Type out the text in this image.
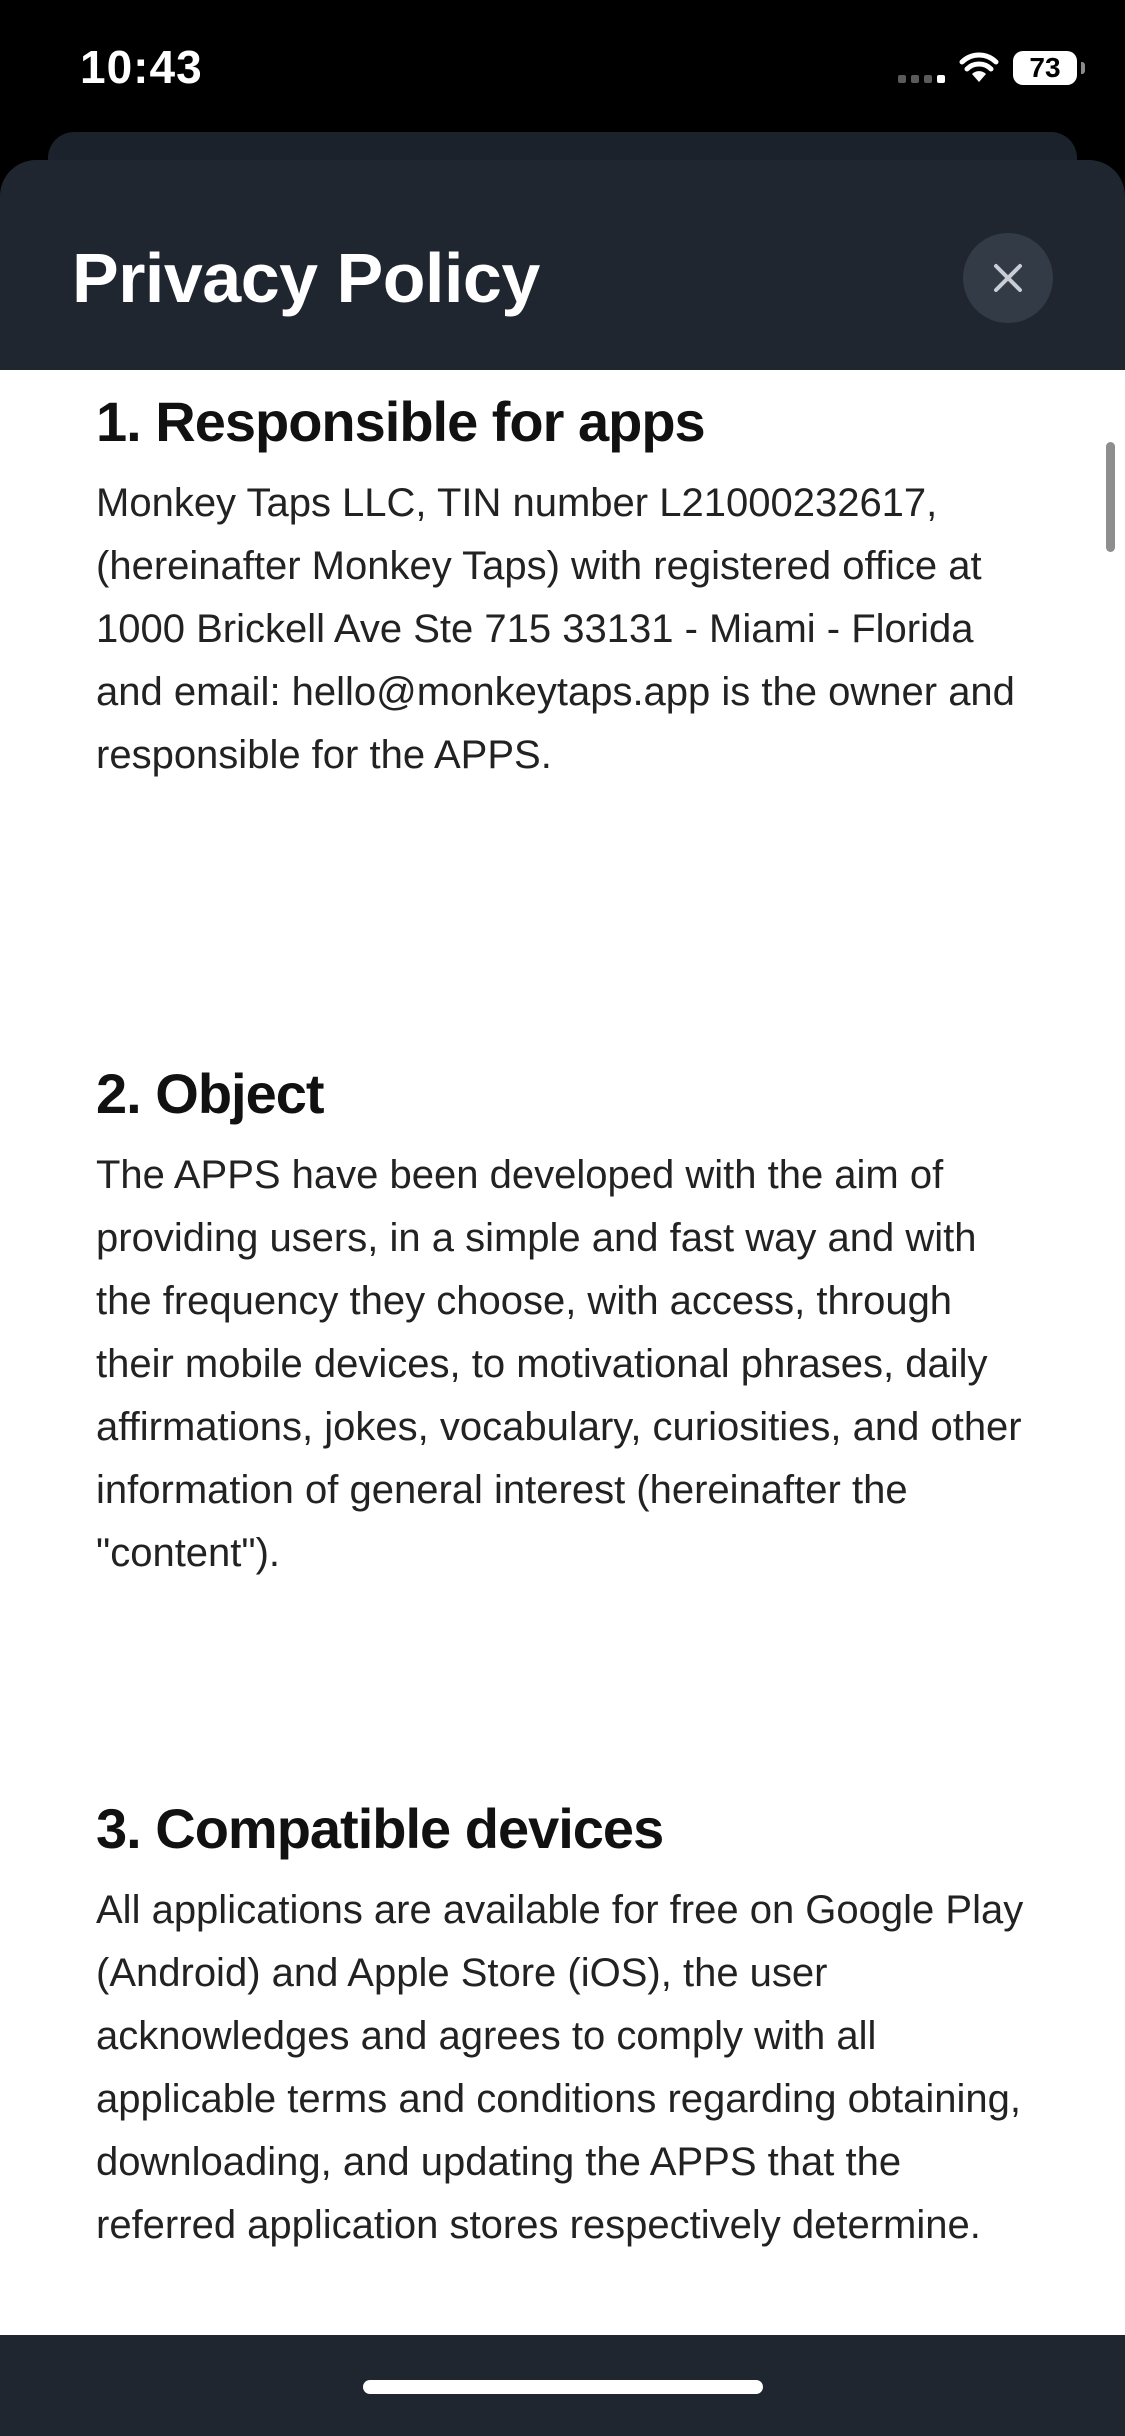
10:43	73
Privacy Policy
1. Responsible for apps

Monkey Taps LLC, TIN number L21000232617, (hereinafter Monkey Taps) with registered office at 1000 Brickell Ave Ste 715 33131 - Miami - Florida and email: hello@monkeytaps.app is the owner and responsible for the APPS.

2. Object

The APPS have been developed with the aim of providing users, in a simple and fast way and with the frequency they choose, with access, through their mobile devices, to motivational phrases, daily affirmations, jokes, vocabulary, curiosities, and other information of general interest (hereinafter the "content").

3. Compatible devices

All applications are available for free on Google Play (Android) and Apple Store (iOS), the user acknowledges and agrees to comply with all applicable terms and conditions regarding obtaining, downloading, and updating the APPS that the referred application stores respectively determine.
